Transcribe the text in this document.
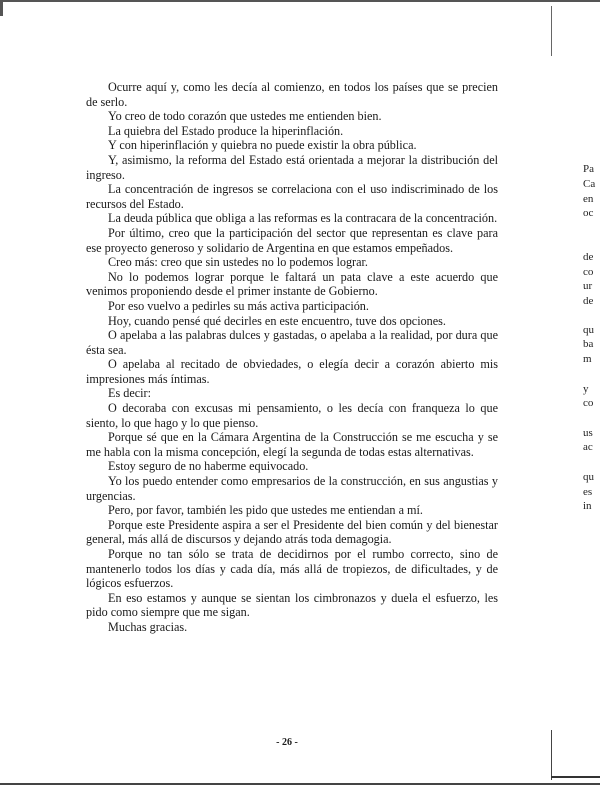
Ocurre aquí y, como les decía al comienzo, en todos los países que se precien de serlo.

Yo creo de todo corazón que ustedes me entienden bien.

La quiebra del Estado produce la hiperinflación.

Y con hiperinflación y quiebra no puede existir la obra pública.

Y, asimismo, la reforma del Estado está orientada a mejorar la distribución del ingreso.

La concentración de ingresos se correlaciona con el uso indiscriminado de los recursos del Estado.

La deuda pública que obliga a las reformas es la contracara de la concentración.

Por último, creo que la participación del sector que representan es clave para ese proyecto generoso y solidario de Argentina en que estamos empeñados.

Creo más: creo que sin ustedes no lo podemos lograr.

No lo podemos lograr porque le faltará un pata clave a este acuerdo que venimos proponiendo desde el primer instante de Gobierno.

Por eso vuelvo a pedirles su más activa participación.

Hoy, cuando pensé qué decirles en este encuentro, tuve dos opciones.

O apelaba a las palabras dulces y gastadas, o apelaba a la realidad, por dura que ésta sea.

O apelaba al recitado de obviedades, o elegía decir a corazón abierto mis impresiones más íntimas.

Es decir:

O decoraba con excusas mi pensamiento, o les decía con franqueza lo que siento, lo que hago y lo que pienso.

Porque sé que en la Cámara Argentina de la Construcción se me escucha y se me habla con la misma concepción, elegí la segunda de todas estas alternativas.

Estoy seguro de no haberme equivocado.

Yo los puedo entender como empresarios de la construcción, en sus angustias y urgencias.

Pero, por favor, también les pido que ustedes me entiendan a mí.

Porque este Presidente aspira a ser el Presidente del bien común y del bienestar general, más allá de discursos y dejando atrás toda demagogia.

Porque no tan sólo se trata de decidirnos por el rumbo correcto, sino de mantenerlo todos los días y cada día, más allá de tropiezos, de dificultades, y de lógicos esfuerzos.

En eso estamos y aunque se sientan los cimbronazos y duela el esfuerzo, les pido como siempre que me sigan.

Muchas gracias.

- 26 -
Pa
Ca
en
oc
de
co
ur
de
qu
ba
m
y
co
us
ac
qu
es
in
